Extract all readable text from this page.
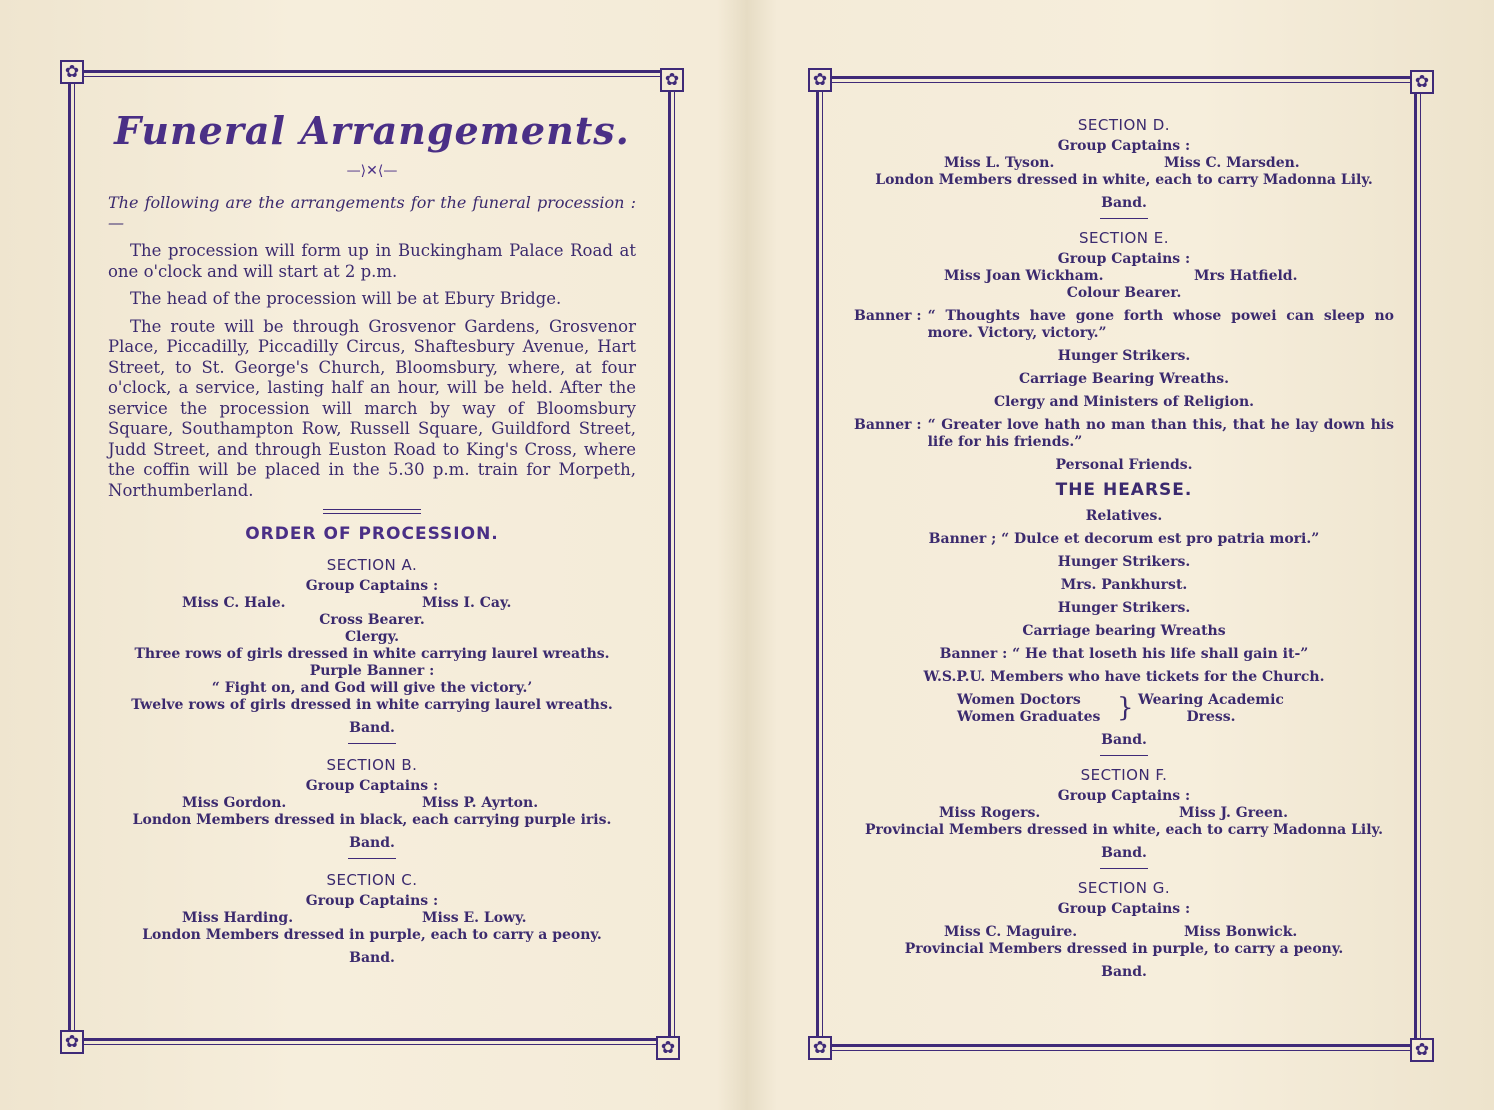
✿	✿
✿	✿
Funeral Arrangements.
—⟩✕⟨—

The following are the arrangements for the funeral procession :—

The procession will form up in Buckingham Palace Road at one o'clock and will start at 2 p.m.

The head of the procession will be at Ebury Bridge.

The route will be through Grosvenor Gardens, Grosvenor Place, Piccadilly, Piccadilly Circus, Shaftesbury Avenue, Hart Street, to St. George's Church, Bloomsbury, where, at four o'clock, a service, lasting half an hour, will be held. After the service the procession will march by way of Bloomsbury Square, Southampton Row, Russell Square, Guildford Street, Judd Street, and through Euston Road to King's Cross, where the coffin will be placed in the 5.30 p.m. train for Morpeth, Northumberland.

ORDER OF PROCESSION.
SECTION A.
Group Captains :
Miss C. Hale.	Miss I. Cay.
Cross Bearer.
Clergy.
Three rows of girls dressed in white carrying laurel wreaths.
Purple Banner :
“ Fight on, and God will give the victory.’
Twelve rows of girls dressed in white carrying laurel wreaths.
Band.
SECTION B.
Group Captains :
Miss Gordon.	Miss P. Ayrton.
London Members dressed in black, each carrying purple iris.
Band.
SECTION C.
Group Captains :
Miss Harding.	Miss E. Lowy.
London Members dressed in purple, each to carry a peony.
Band.
✿	✿
✿	✿
SECTION D.
Group Captains :
Miss L. Tyson.	Miss C. Marsden.
London Members dressed in white, each to carry Madonna Lily.
Band.
SECTION E.
Group Captains :
Miss Joan Wickham.	Mrs Hatfield.
Colour Bearer.
Banner : “ Thoughts have gone forth whose powei can sleep no more. Victory, victory.”
Hunger Strikers.
Carriage Bearing Wreaths.
Clergy and Ministers of Religion.
Banner : “ Greater love hath no man than this, that he lay down his life for his friends.”
Personal Friends.
THE HEARSE.
Relatives.
Banner ; “ Dulce et decorum est pro patria mori.”
Hunger Strikers.
Mrs. Pankhurst.
Hunger Strikers.
Carriage bearing Wreaths
Banner : “ He that loseth his life shall gain it-”
W.S.P.U. Members who have tickets for the Church.
Women Doctors
Women Graduates } Wearing Academic
Dress.
Band.
SECTION F.
Group Captains :
Miss Rogers.	Miss J. Green.
Provincial Members dressed in white, each to carry Madonna Lily.
Band.
SECTION G.
Group Captains :
Miss C. Maguire.	Miss Bonwick.
Provincial Members dressed in purple, to carry a peony.
Band.
